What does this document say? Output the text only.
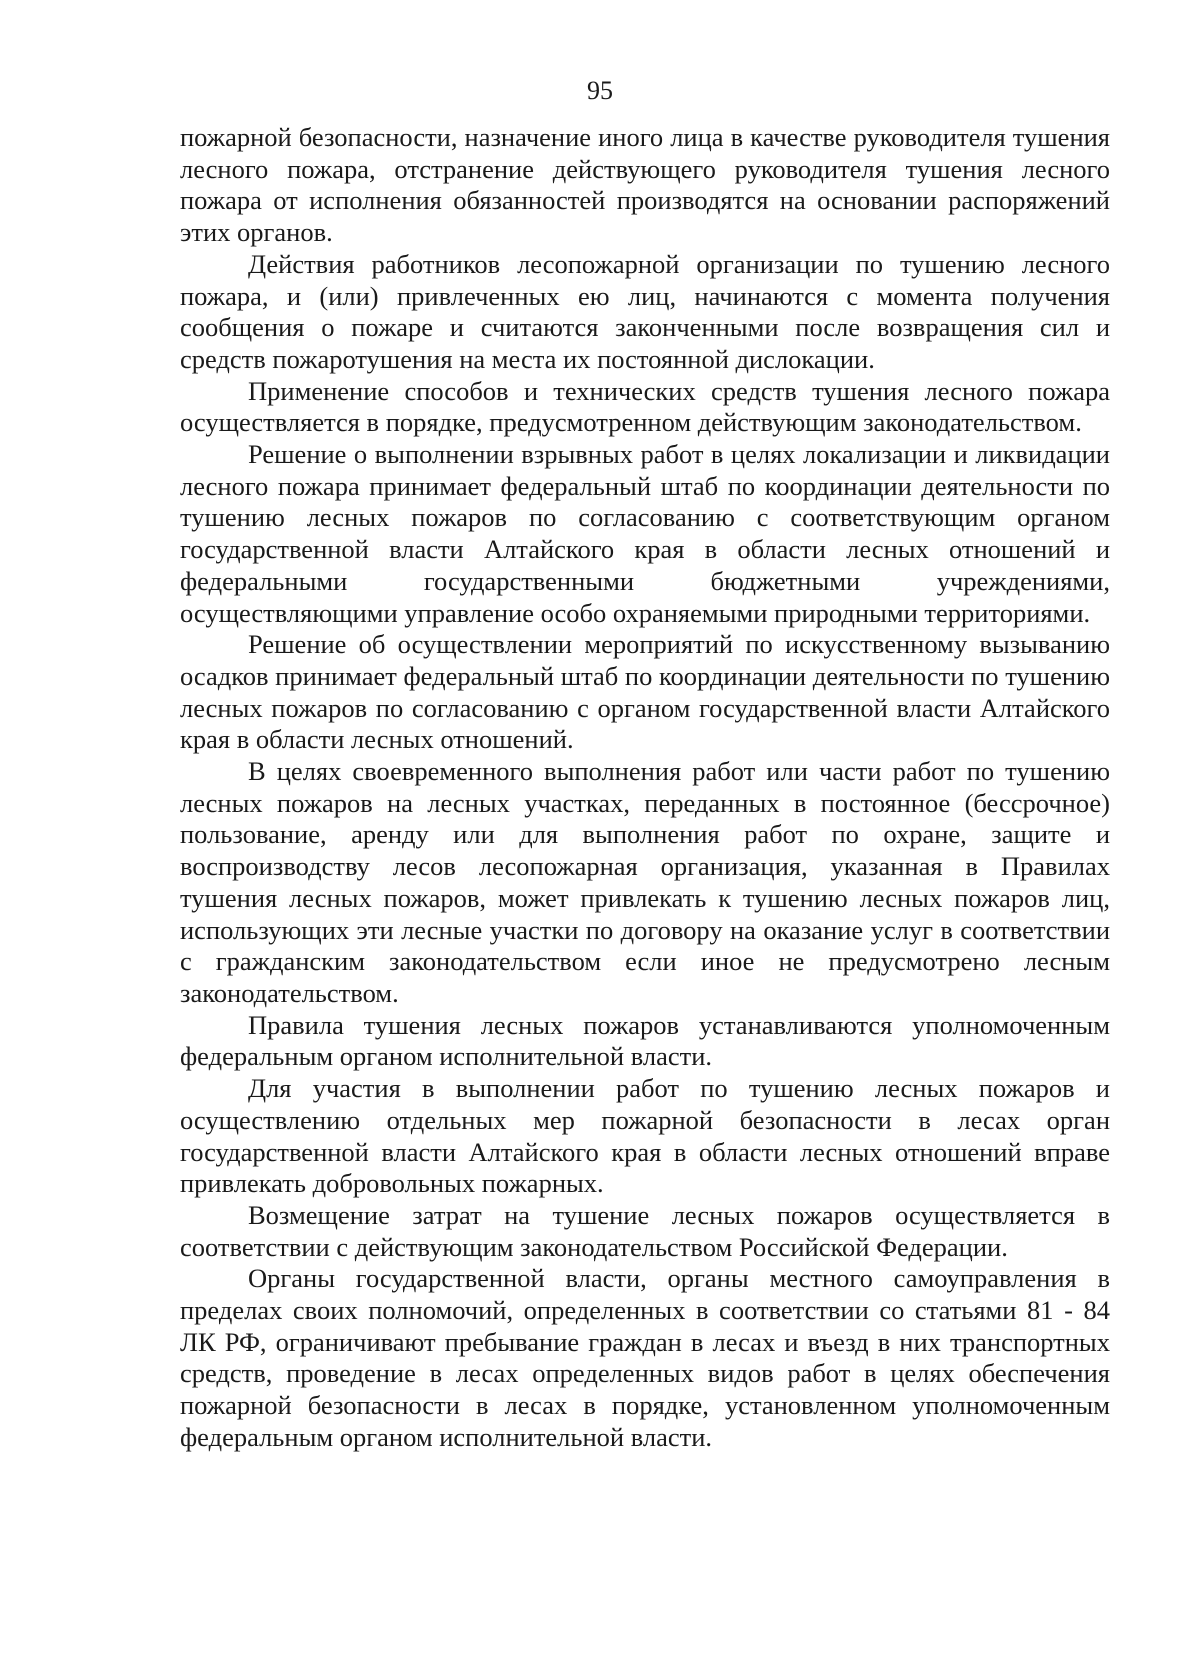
95

пожарной безопасности, назначение иного лица в качестве руководителя тушения лесного пожара, отстранение действующего руководителя тушения лесного пожара от исполнения обязанностей производятся на основании распоряжений этих органов.

Действия работников лесопожарной организации по тушению лесного пожара, и (или) привлеченных ею лиц, начинаются с момента получения сообщения о пожаре и считаются законченными после возвращения сил и средств пожаротушения на места их постоянной дислокации.

Применение способов и технических средств тушения лесного пожара осуществляется в порядке, предусмотренном действующим законодательством.

Решение о выполнении взрывных работ в целях локализации и ликвидации лесного пожара принимает федеральный штаб по координации деятельности по тушению лесных пожаров по согласованию с соответствующим органом государственной власти Алтайского края в области лесных отношений и федеральными государственными бюджетными учреждениями, осуществляющими управление особо охраняемыми природными территориями.

Решение об осуществлении мероприятий по искусственному вызыванию осадков принимает федеральный штаб по координации деятельности по тушению лесных пожаров по согласованию с органом государственной власти Алтайского края в области лесных отношений.

В целях своевременного выполнения работ или части работ по тушению лесных пожаров на лесных участках, переданных в постоянное (бессрочное) пользование, аренду или для выполнения работ по охране, защите и воспроизводству лесов лесопожарная организация, указанная в Правилах тушения лесных пожаров, может привлекать к тушению лесных пожаров лиц, использующих эти лесные участки по договору на оказание услуг в соответствии с гражданским законодательством если иное не предусмотрено лесным законодательством.

Правила тушения лесных пожаров устанавливаются уполномоченным федеральным органом исполнительной власти.

Для участия в выполнении работ по тушению лесных пожаров и осуществлению отдельных мер пожарной безопасности в лесах орган государственной власти Алтайского края в области лесных отношений вправе привлекать добровольных пожарных.

Возмещение затрат на тушение лесных пожаров осуществляется в соответствии с действующим законодательством Российской Федерации.

Органы государственной власти, органы местного самоуправления в пределах своих полномочий, определенных в соответствии со статьями 81 - 84 ЛК РФ, ограничивают пребывание граждан в лесах и въезд в них транспортных средств, проведение в лесах определенных видов работ в целях обеспечения пожарной безопасности в лесах в порядке, установленном уполномоченным федеральным органом исполнительной власти.
